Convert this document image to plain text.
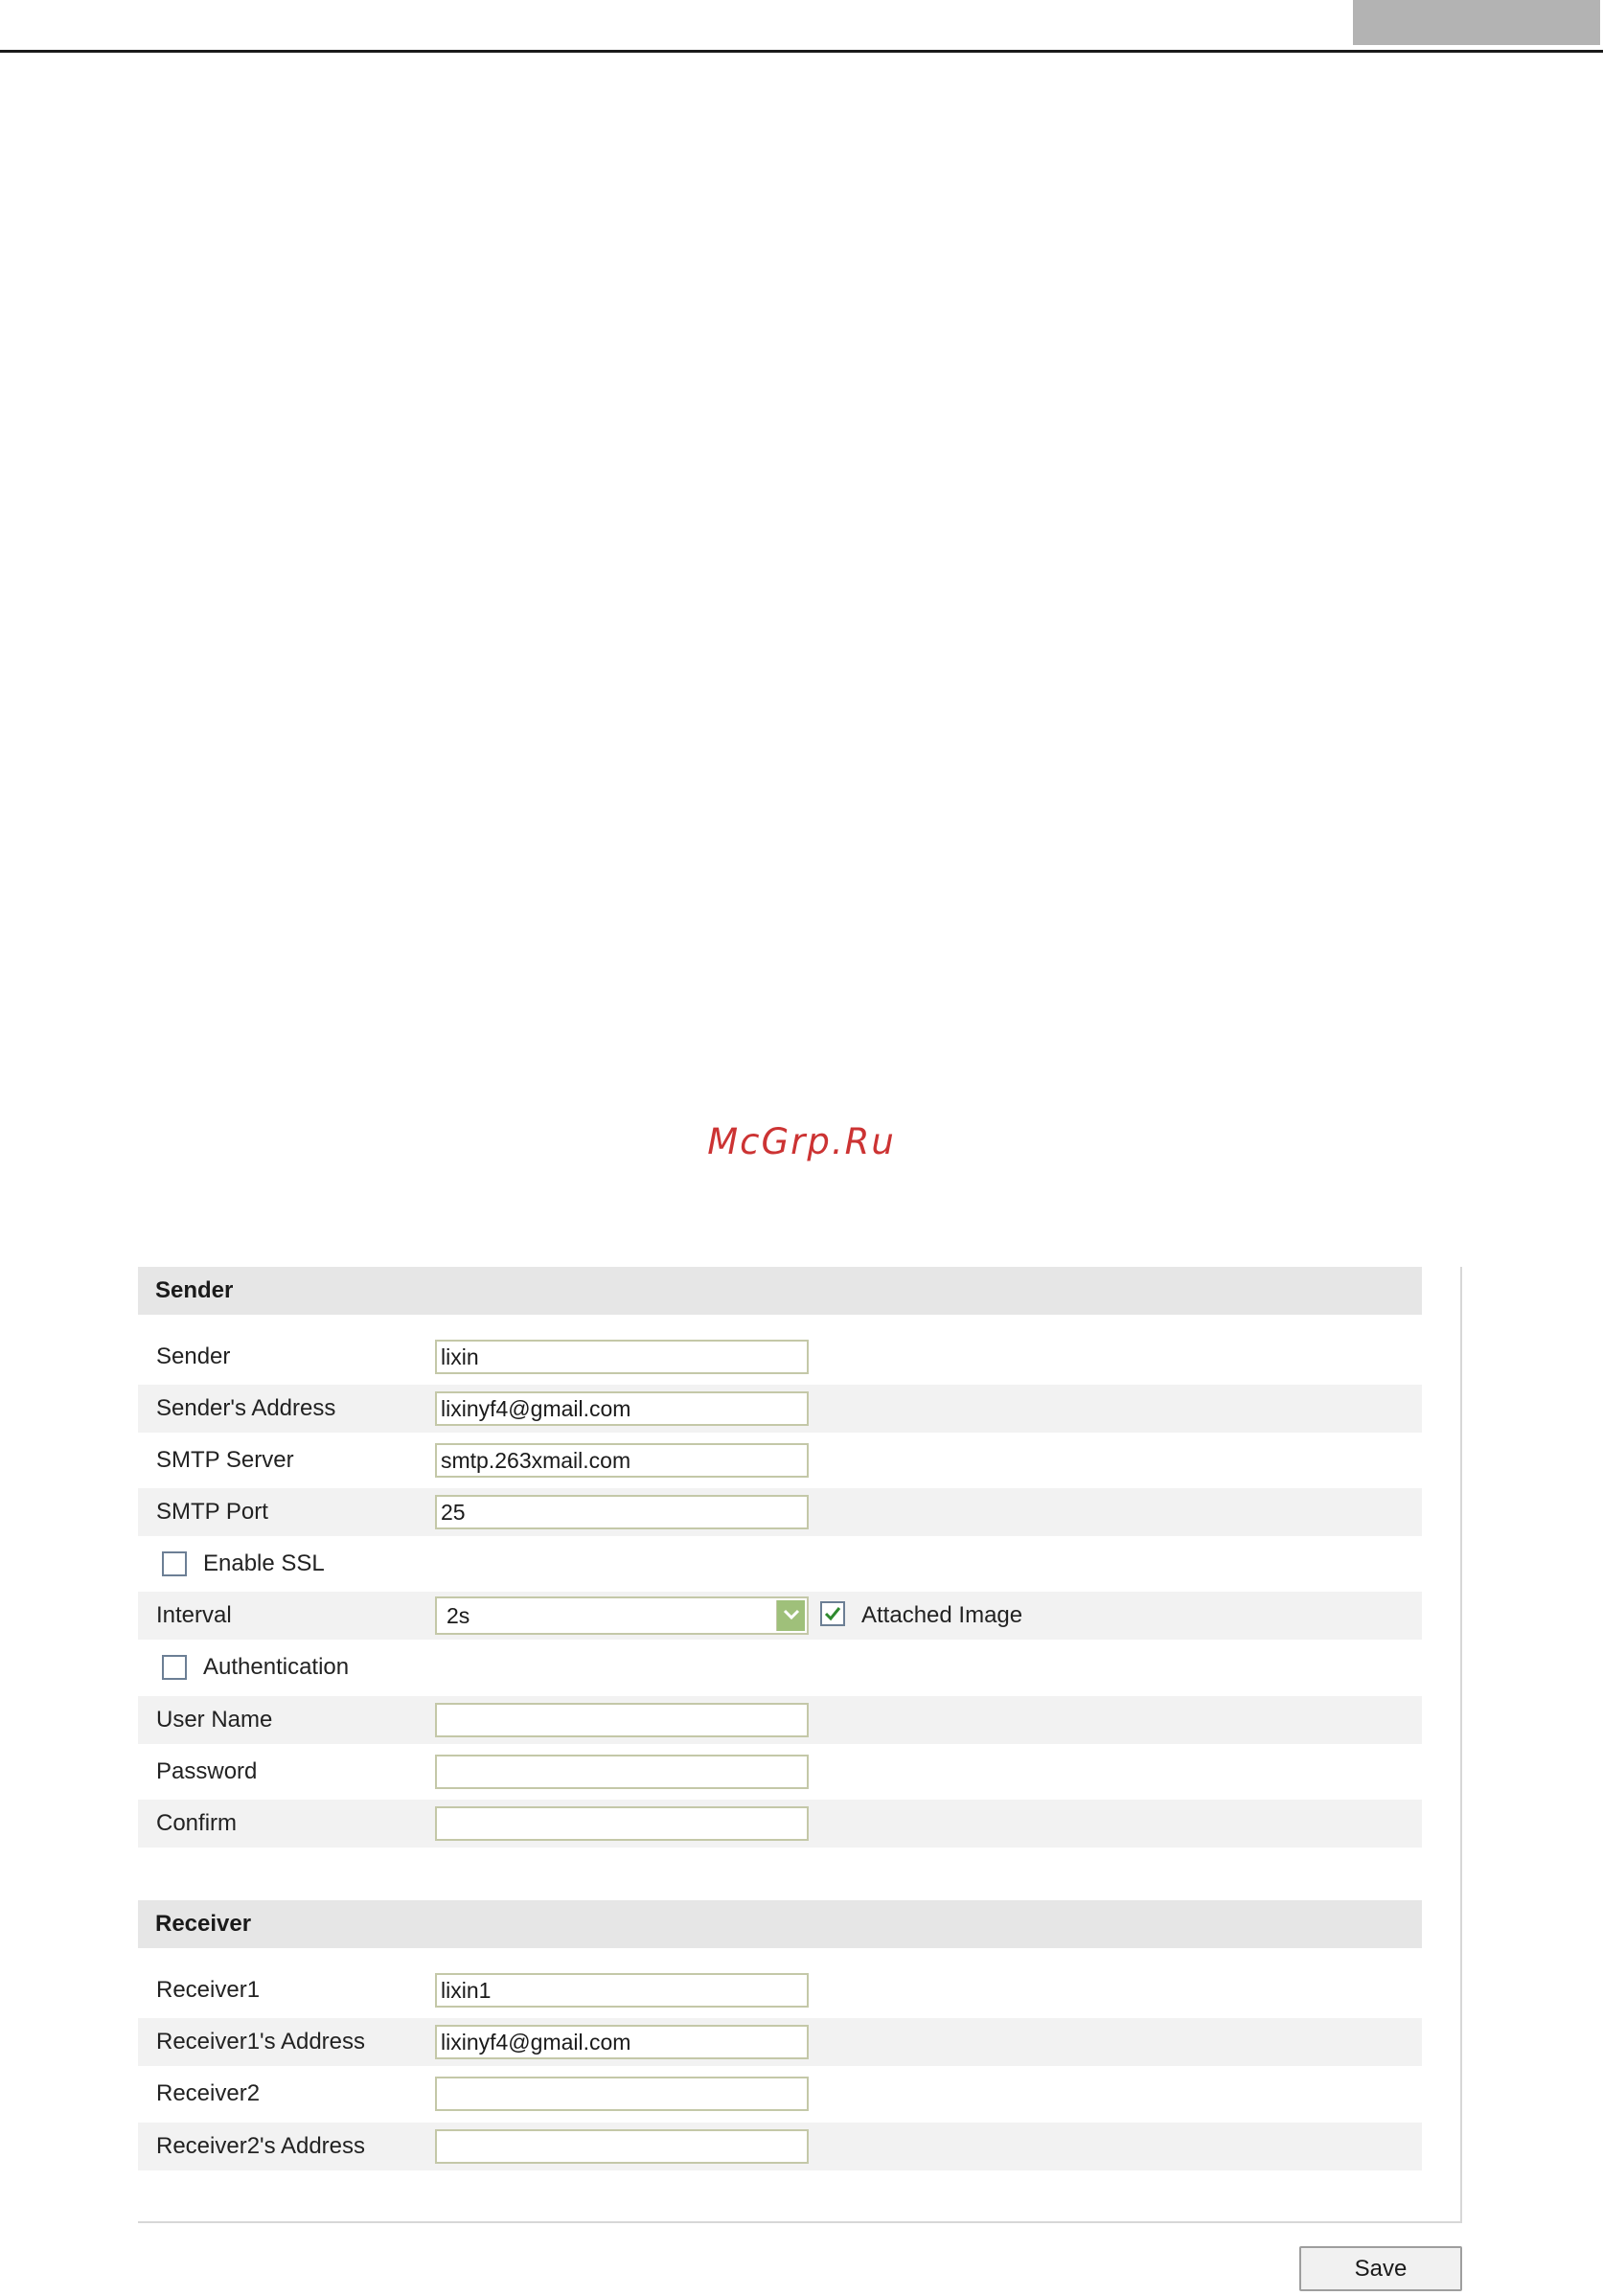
McGrp.Ru
Sender
Sender
lixin
Sender's Address
lixinyf4@gmail.com
SMTP Server
smtp.263xmail.com
SMTP Port
25
Enable SSL
Interval	2s	Attached Image
Authentication
User Name
Password
Confirm
Receiver
Receiver1
lixin1
Receiver1's Address
lixinyf4@gmail.com
Receiver2
Receiver2's Address
Save
